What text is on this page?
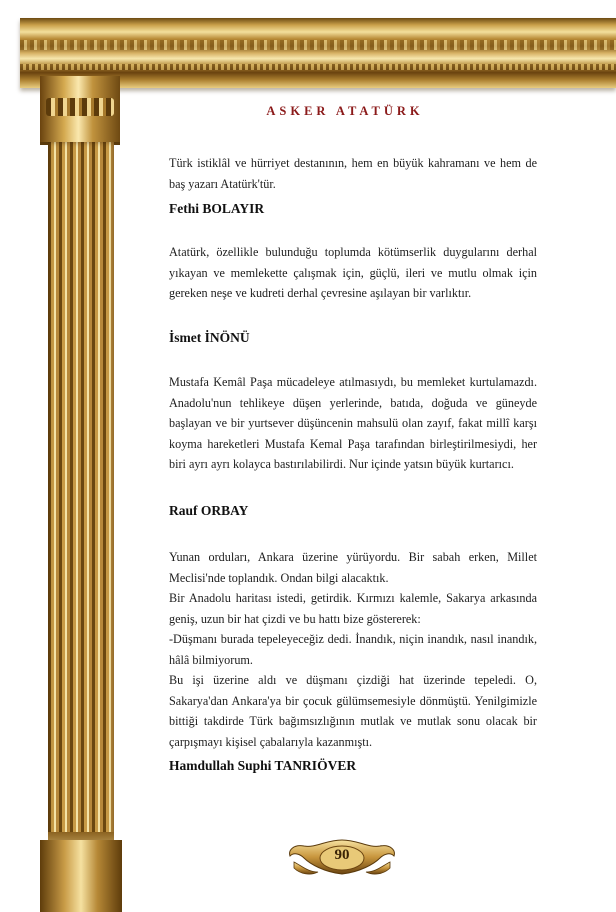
ASKER ATATÜRK

Türk istiklâl ve hürriyet destanının, hem en büyük kahramanı ve hem de baş yazarı Atatürk'tür.

Fethi BOLAYIR

Atatürk, özellikle bulunduğu toplumda kötümserlik duygularını derhal yıkayan ve memlekette çalışmak için, güçlü, ileri ve mutlu olmak için gereken neşe ve kudreti derhal çevresine aşılayan bir varlıktır.

İsmet İNÖNÜ

Mustafa Kemâl Paşa mücadeleye atılmasıydı, bu memleket kurtulamazdı. Anadolu'nun tehlikeye düşen yerlerinde, batıda, doğuda ve güneyde başlayan ve bir yurtsever düşüncenin mahsulü olan zayıf, fakat millî karşı koyma hareketleri Mustafa Kemal Paşa tarafından birleştirilmesiydi, her biri ayrı ayrı kolayca bastırılabilirdi. Nur içinde yatsın büyük kurtarıcı.

Rauf ORBAY

Yunan orduları, Ankara üzerine yürüyordu. Bir sabah erken, Millet Meclisi'nde toplandık. Ondan bilgi alacaktık.

Bir Anadolu haritası istedi, getirdik. Kırmızı kalemle, Sakarya arkasında geniş, uzun bir hat çizdi ve bu hattı bize göstererek:

-Düşmanı burada tepeleyeceğiz dedi. İnandık, niçin inandık, nasıl inandık, hâlâ bilmiyorum.

Bu işi üzerine aldı ve düşmanı çizdiği hat üzerinde tepeledi. O, Sakarya'dan Ankara'ya bir çocuk gülümsemesiyle dönmüştü. Yenilgimizle bittiği takdirde Türk bağımsızlığının mutlak ve mutlak sonu olacak bir çarpışmayı kişisel çabalarıyla kazanmıştı.

Hamdullah Suphi TANRIÖVER
90
